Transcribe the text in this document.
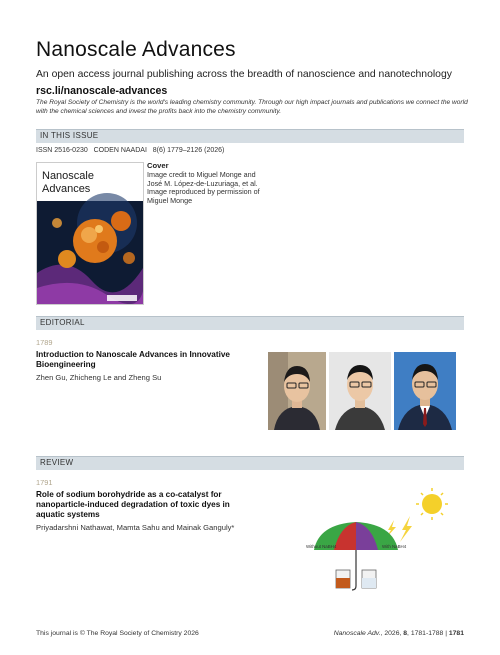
Nanoscale Advances
An open access journal publishing across the breadth of nanoscience and nanotechnology
rsc.li/nanoscale-advances
The Royal Society of Chemistry is the world's leading chemistry community. Through our high impact journals and publications we connect the world with the chemical sciences and invest the profits back into the chemistry community.
IN THIS ISSUE
ISSN 2516-0230 CODEN NAADAI 8(6) 1779–2126 (2026)
Nanoscale
Advances
Cover
Image credit to Miguel Monge and José M. López-de-Luzuriaga, et al. Image reproduced by permission of Miguel Monge
EDITORIAL
1789
Introduction to Nanoscale Advances in Innovative Bioengineering
Zhen Gu, Zhicheng Le and Zheng Su
REVIEW
1791
Role of sodium borohydride as a co-catalyst for nanoparticle-induced degradation of toxic dyes in aquatic systems
Priyadarshni Nathawat, Mamta Sahu and Mainak Ganguly*
Without NaBH4	With NaBH4
This journal is © The Royal Society of Chemistry 2026	Nanoscale Adv., 2026, 8, 1781-1788 | 1781
